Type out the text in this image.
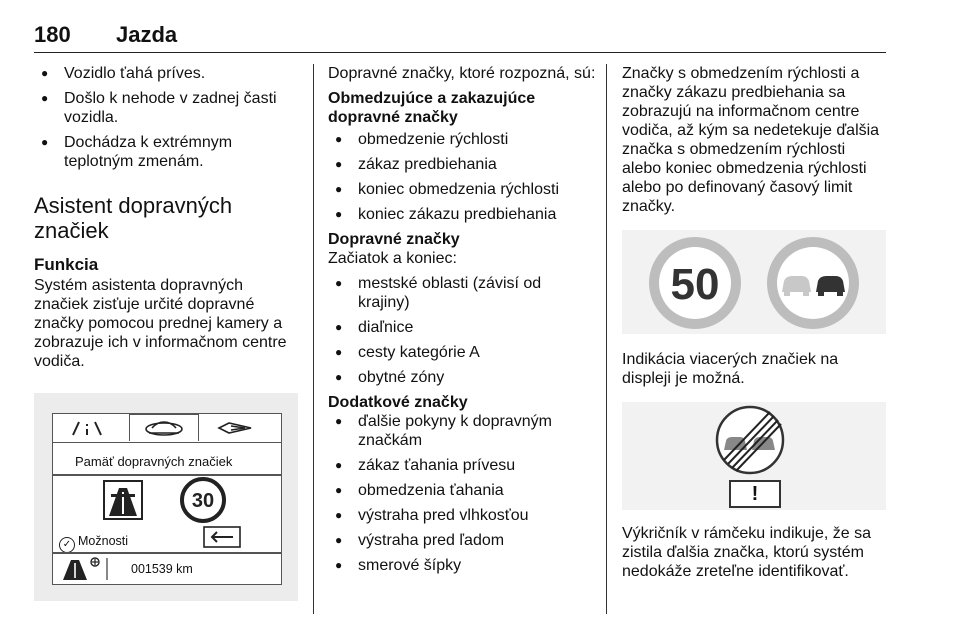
180 Jazda
● Vozidlo ťahá príves.
● Došlo k nehode v zadnej časti vozidla.
● Dochádza k extrémnym teplotným zmenám.
Asistent dopravných značiek
Funkcia

Systém asistenta dopravných značiek zisťuje určité dopravné značky pomocou prednej kamery a zobrazuje ich v informačnom centre vodiča.

Pamäť dopravných značiek
30
✓ Možnosti
001539 km

Dopravné značky, ktoré rozpozná, sú:

Obmedzujúce a zakazujúce dopravné značky
● obmedzenie rýchlosti
● zákaz predbiehania
● koniec obmedzenia rýchlosti
● koniec zákazu predbiehania
Dopravné značky

Začiatok a koniec:

● mestské oblasti (závisí od krajiny)
● diaľnice
● cesty kategórie A
● obytné zóny
Dodatkové značky
● ďalšie pokyny k dopravným značkám
● zákaz ťahania prívesu
● obmedzenia ťahania
● výstraha pred vlhkosťou
● výstraha pred ľadom
● smerové šípky

Značky s obmedzením rýchlosti a značky zákazu predbiehania sa zobrazujú na informačnom centre vodiča, až kým sa nedetekuje ďalšia značka s obmedzením rýchlosti alebo koniec obmedzenia rýchlosti alebo po definovaný časový limit značky.

50

Indikácia viacerých značiek na displeji je možná.

!

Výkričník v rámčeku indikuje, že sa zistila ďalšia značka, ktorú systém nedokáže zreteľne identifikovať.
